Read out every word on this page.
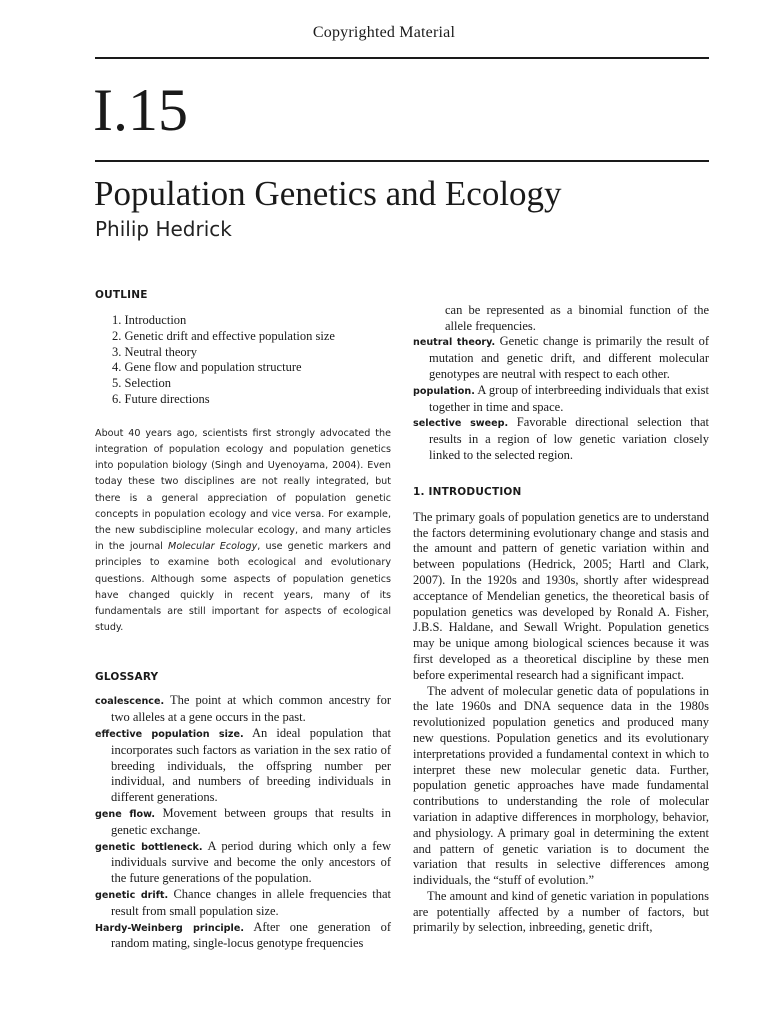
Copyrighted Material
I.15
Population Genetics and Ecology
Philip Hedrick
OUTLINE
1. Introduction
2. Genetic drift and effective population size
3. Neutral theory
4. Gene flow and population structure
5. Selection
6. Future directions
About 40 years ago, scientists first strongly advocated the integration of population ecology and population genetics into population biology (Singh and Uyenoyama, 2004). Even today these two disciplines are not really integrated, but there is a general appreciation of population genetic concepts in population ecology and vice versa. For example, the new subdiscipline molecular ecology, and many articles in the journal Molecular Ecology, use genetic markers and principles to examine both ecological and evolutionary questions. Although some aspects of population genetics have changed quickly in recent years, many of its fundamentals are still important for aspects of ecological study.
GLOSSARY
coalescence. The point at which common ancestry for two alleles at a gene occurs in the past.
effective population size. An ideal population that incorporates such factors as variation in the sex ratio of breeding individuals, the offspring number per individual, and numbers of breeding individuals in different generations.
gene flow. Movement between groups that results in genetic exchange.
genetic bottleneck. A period during which only a few individuals survive and become the only ancestors of the future generations of the population.
genetic drift. Chance changes in allele frequencies that result from small population size.
Hardy-Weinberg principle. After one generation of random mating, single-locus genotype frequencies
can be represented as a binomial function of the allele frequencies.
neutral theory. Genetic change is primarily the result of mutation and genetic drift, and different molecular genotypes are neutral with respect to each other.
population. A group of interbreeding individuals that exist together in time and space.
selective sweep. Favorable directional selection that results in a region of low genetic variation closely linked to the selected region.
1. INTRODUCTION

The primary goals of population genetics are to understand the factors determining evolutionary change and stasis and the amount and pattern of genetic variation within and between populations (Hedrick, 2005; Hartl and Clark, 2007). In the 1920s and 1930s, shortly after widespread acceptance of Mendelian genetics, the theoretical basis of population genetics was developed by Ronald A. Fisher, J.B.S. Haldane, and Sewall Wright. Population genetics may be unique among biological sciences because it was first developed as a theoretical discipline by these men before experimental research had a significant impact.

The advent of molecular genetic data of populations in the late 1960s and DNA sequence data in the 1980s revolutionized population genetics and produced many new questions. Population genetics and its evolutionary interpretations provided a fundamental context in which to interpret these new molecular genetic data. Further, population genetic approaches have made fundamental contributions to understanding the role of molecular variation in adaptive differences in morphology, behavior, and physiology. A primary goal in determining the extent and pattern of genetic variation is to document the variation that results in selective differences among individuals, the “stuff of evolution.”

The amount and kind of genetic variation in populations are potentially affected by a number of factors, but primarily by selection, inbreeding, genetic drift,
